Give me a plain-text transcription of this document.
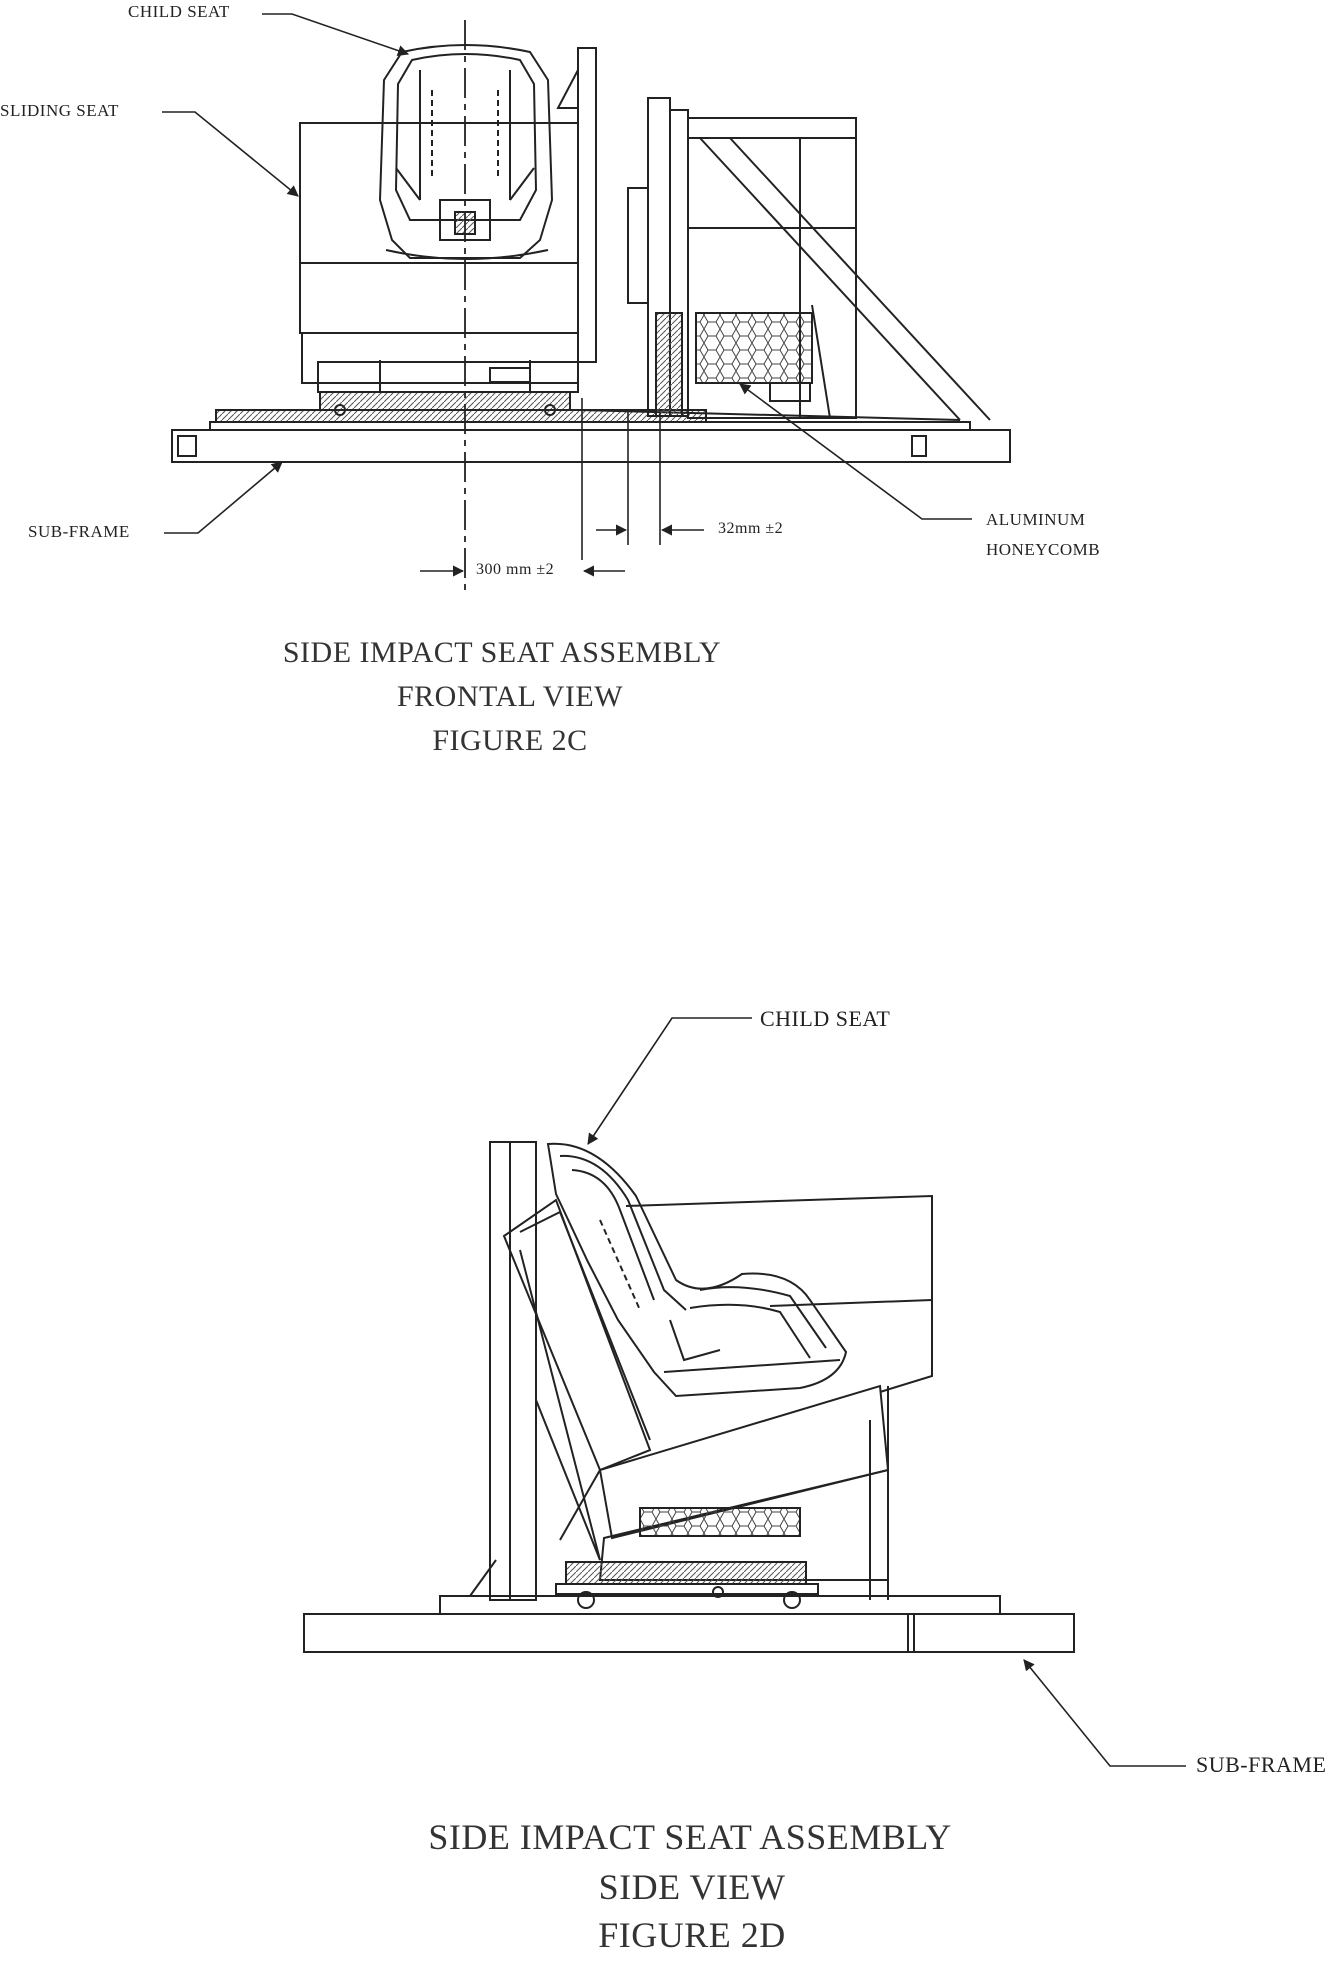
CHILD SEAT
SLIDING SEAT
SUB-FRAME
ALUMINUM
HONEYCOMB
32mm ±2
300 mm ±2
SIDE IMPACT SEAT ASSEMBLY
FRONTAL VIEW
FIGURE 2C
CHILD SEAT
SUB-FRAME
SIDE IMPACT SEAT ASSEMBLY
SIDE VIEW
FIGURE 2D
